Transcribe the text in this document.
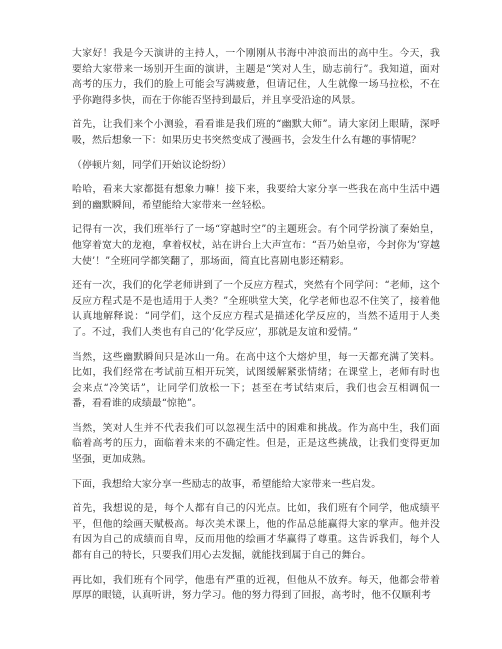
大家好！我是今天演讲的主持人，一个刚刚从书海中冲浪而出的高中生。今天，我要给大家带来一场别开生面的演讲，主题是“笑对人生，励志前行”。我知道，面对高考的压力，我们的脸上可能会写满疲惫，但请记住，人生就像一场马拉松，不在乎你跑得多快，而在于你能否坚持到最后，并且享受沿途的风景。

首先，让我们来个小测验，看看谁是我们班的“幽默大师”。请大家闭上眼睛，深呼吸，然后想象一下：如果历史书突然变成了漫画书，会发生什么有趣的事情呢？

（停顿片刻，同学们开始议论纷纷）

哈哈，看来大家都挺有想象力嘛！接下来，我要给大家分享一些我在高中生活中遇到的幽默瞬间，希望能给大家带来一丝轻松。

记得有一次，我们班举行了一场“穿越时空”的主题班会。有个同学扮演了秦始皇，他穿着宽大的龙袍，拿着权杖，站在讲台上大声宣布：“吾乃始皇帝，今封你为‘穿越大使’！”全班同学都笑翻了，那场面，简直比喜剧电影还精彩。

还有一次，我们的化学老师讲到了一个反应方程式，突然有个同学问：“老师，这个反应方程式是不是也适用于人类？”全班哄堂大笑，化学老师也忍不住笑了，接着他认真地解释说：“同学们，这个反应方程式是描述化学反应的，当然不适用于人类了。不过，我们人类也有自己的‘化学反应’，那就是友谊和爱情。”

当然，这些幽默瞬间只是冰山一角。在高中这个大熔炉里，每一天都充满了笑料。比如，我们经常在考试前互相开玩笑，试图缓解紧张情绪；在课堂上，老师有时也会来点“冷笑话”，让同学们放松一下；甚至在考试结束后，我们也会互相调侃一番，看看谁的成绩最“惊艳”。

当然，笑对人生并不代表我们可以忽视生活中的困难和挑战。作为高中生，我们面临着高考的压力，面临着未来的不确定性。但是，正是这些挑战，让我们变得更加坚强，更加成熟。

下面，我想给大家分享一些励志的故事，希望能给大家带来一些启发。

首先，我想说的是，每个人都有自己的闪光点。比如，我们班有个同学，他成绩平平，但他的绘画天赋极高。每次美术课上，他的作品总能赢得大家的掌声。他并没有因为自己的成绩而自卑，反而用他的绘画才华赢得了尊重。这告诉我们，每个人都有自己的特长，只要我们用心去发掘，就能找到属于自己的舞台。

再比如，我们班有个同学，他患有严重的近视，但他从不放弃。每天，他都会带着厚厚的眼镜，认真听讲，努力学习。他的努力得到了回报，高考时，他不仅顺利考
